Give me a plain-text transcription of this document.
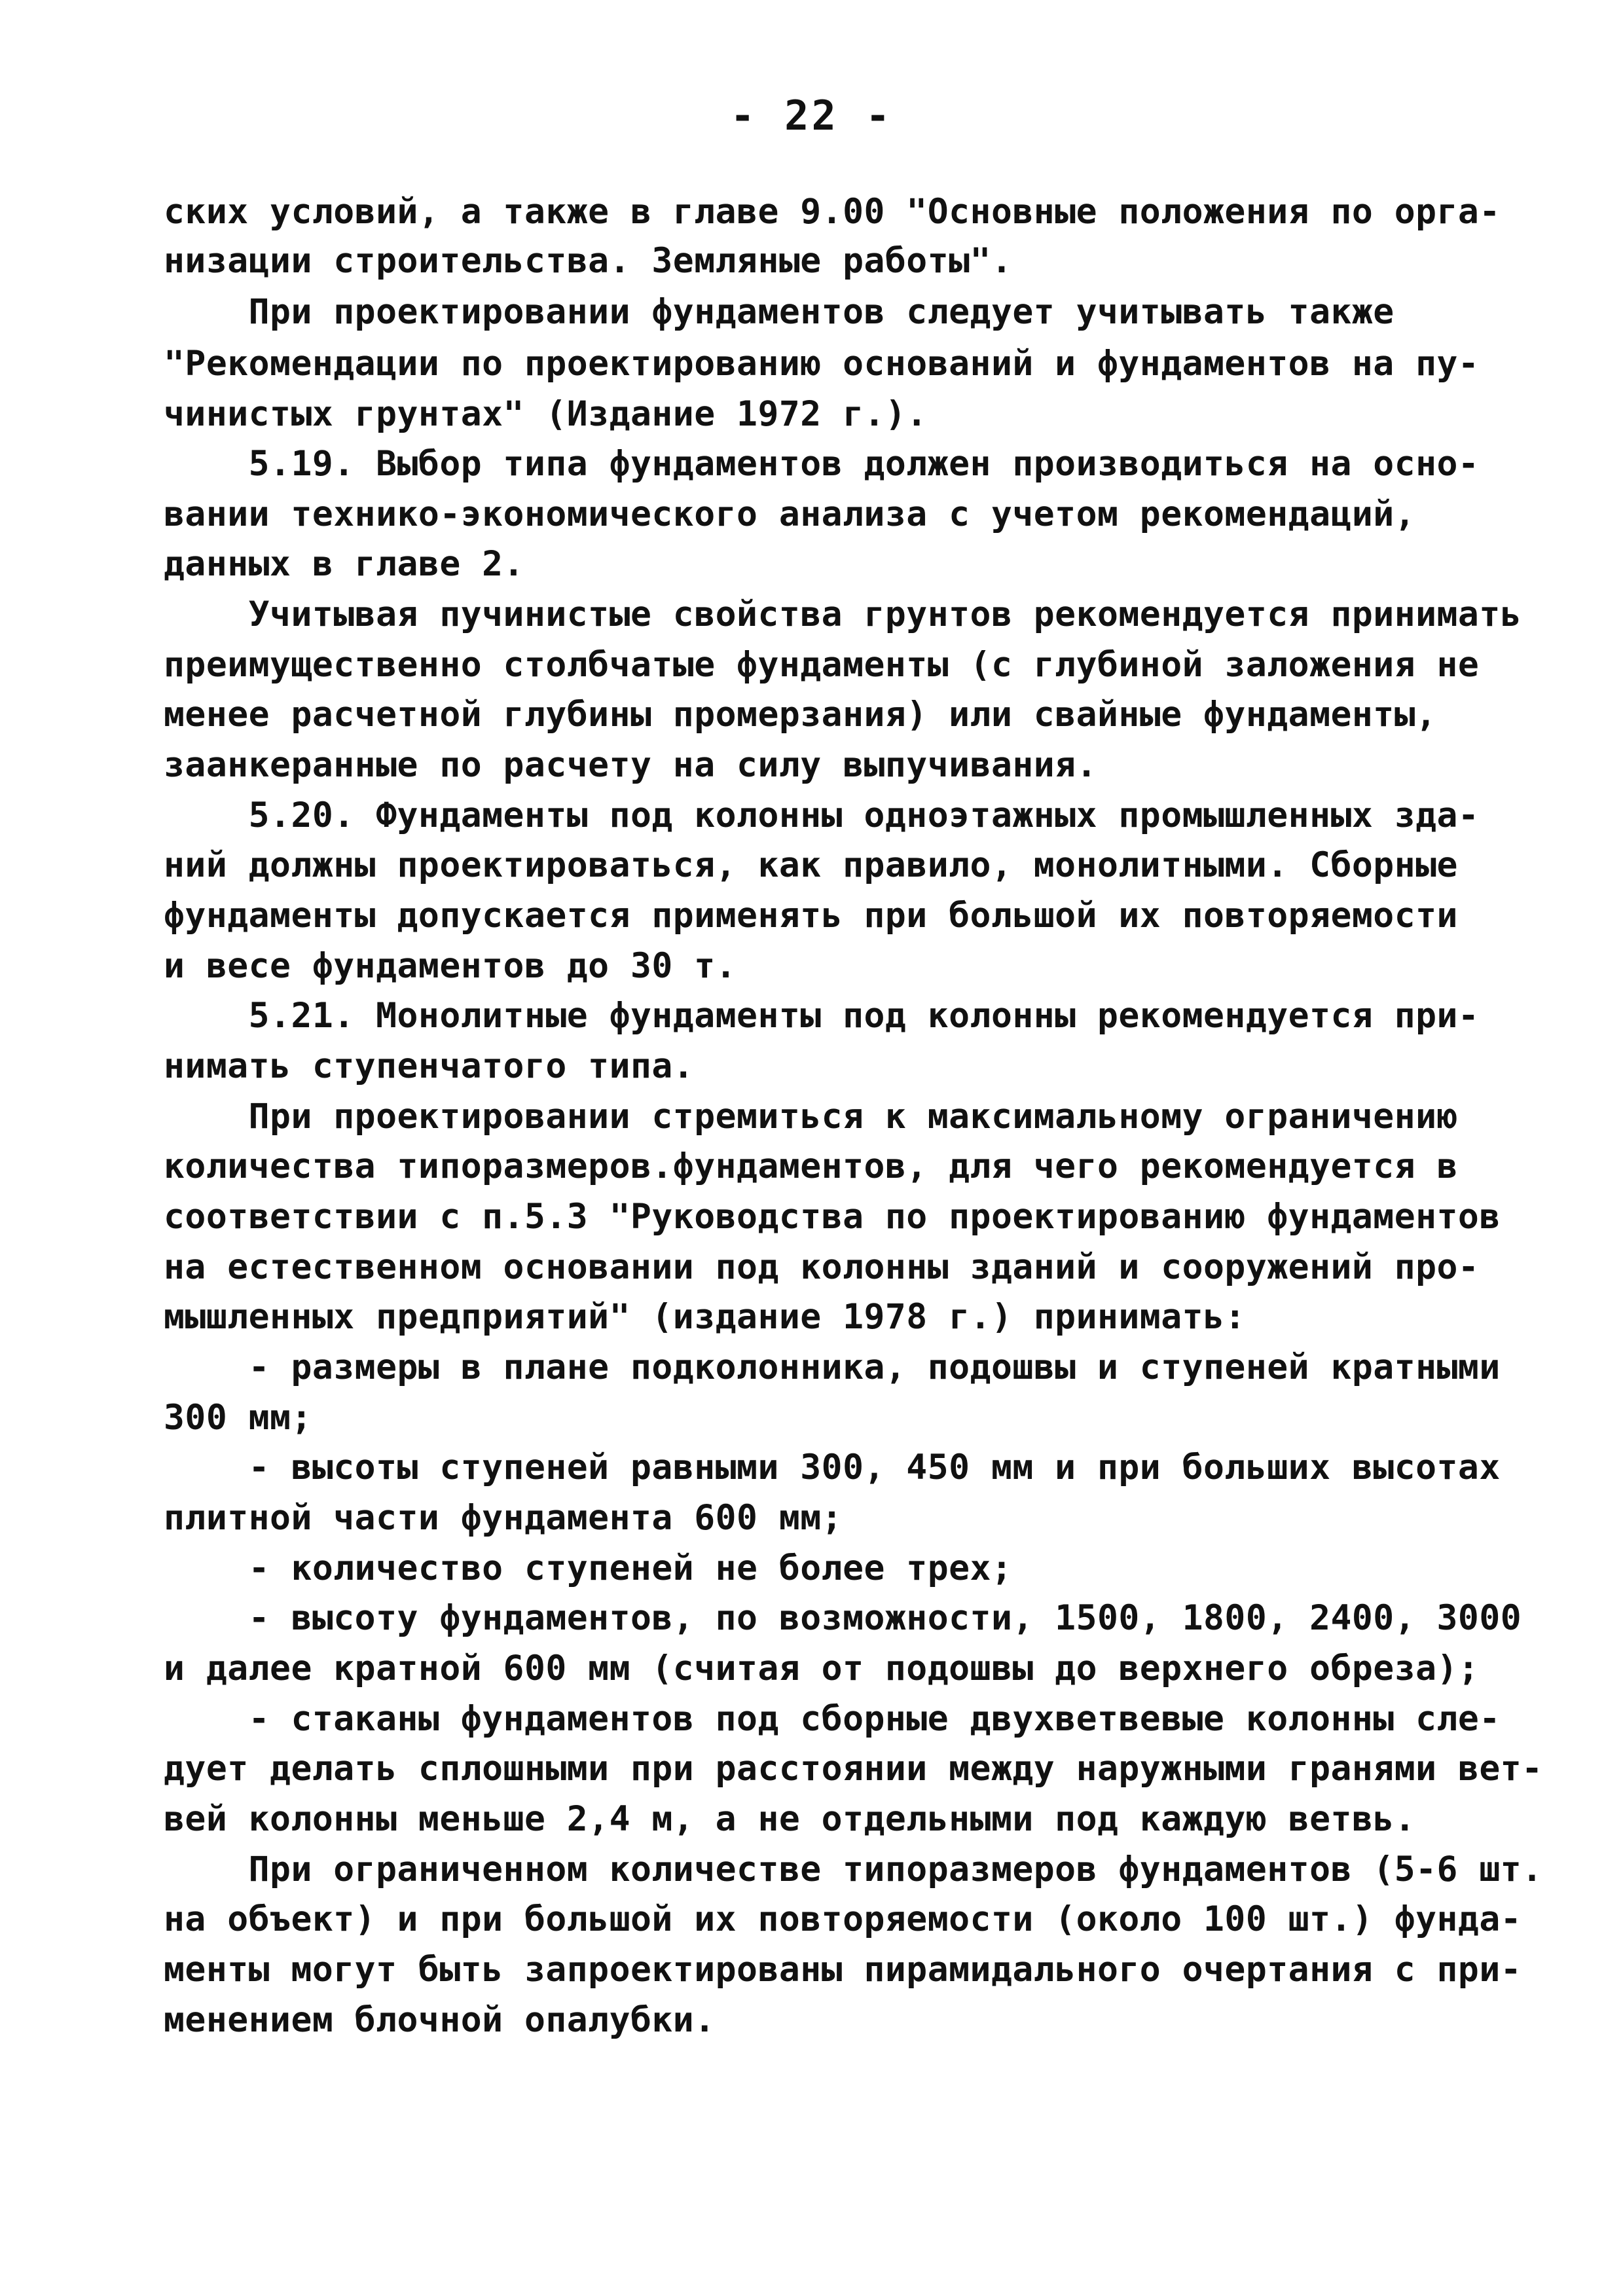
- 22 -
ских условий, а также в главе 9.00 "Основные положения по орга-
низации строительства. Земляные работы".
При проектировании фундаментов следует учитывать также
"Рекомендации по проектированию оснований и фундаментов на пу-
чинистых грунтах" (Издание 1972 г.).
5.19. Выбор типа фундаментов должен производиться на осно-
вании технико-экономического анализа с учетом рекомендаций,
данных в главе 2.
Учитывая пучинистые свойства грунтов рекомендуется принимать
преимущественно столбчатые фундаменты (с глубиной заложения не
менее расчетной глубины промерзания) или свайные фундаменты,
заанкеранные по расчету на силу выпучивания.
5.20. Фундаменты под колонны одноэтажных промышленных зда-
ний должны проектироваться, как правило, монолитными. Сборные
фундаменты допускается применять при большой их повторяемости
и весе фундаментов до 30 т.
5.21. Монолитные фундаменты под колонны рекомендуется при-
нимать ступенчатого типа.
При проектировании стремиться к максимальному ограничению
количества типоразмеров.фундаментов, для чего рекомендуется в
соответствии с п.5.3 "Руководства по проектированию фундаментов
на естественном основании под колонны зданий и сооружений про-
мышленных предприятий" (издание 1978 г.) принимать:
- размеры в плане подколонника, подошвы и ступеней кратными
300 мм;
- высоты ступеней равными 300, 450 мм и при больших высотах
плитной части фундамента 600 мм;
- количество ступеней не более трех;
- высоту фундаментов, по возможности, 1500, 1800, 2400, 3000
и далее кратной 600 мм (считая от подошвы до верхнего обреза);
- стаканы фундаментов под сборные двухветвевые колонны сле-
дует делать сплошными при расстоянии между наружными гранями вет-
вей колонны меньше 2,4 м, а не отдельными под каждую ветвь.
При ограниченном количестве типоразмеров фундаментов (5-6 шт.
на объект) и при большой их повторяемости (около 100 шт.) фунда-
менты могут быть запроектированы пирамидального очертания с при-
менением блочной опалубки.
